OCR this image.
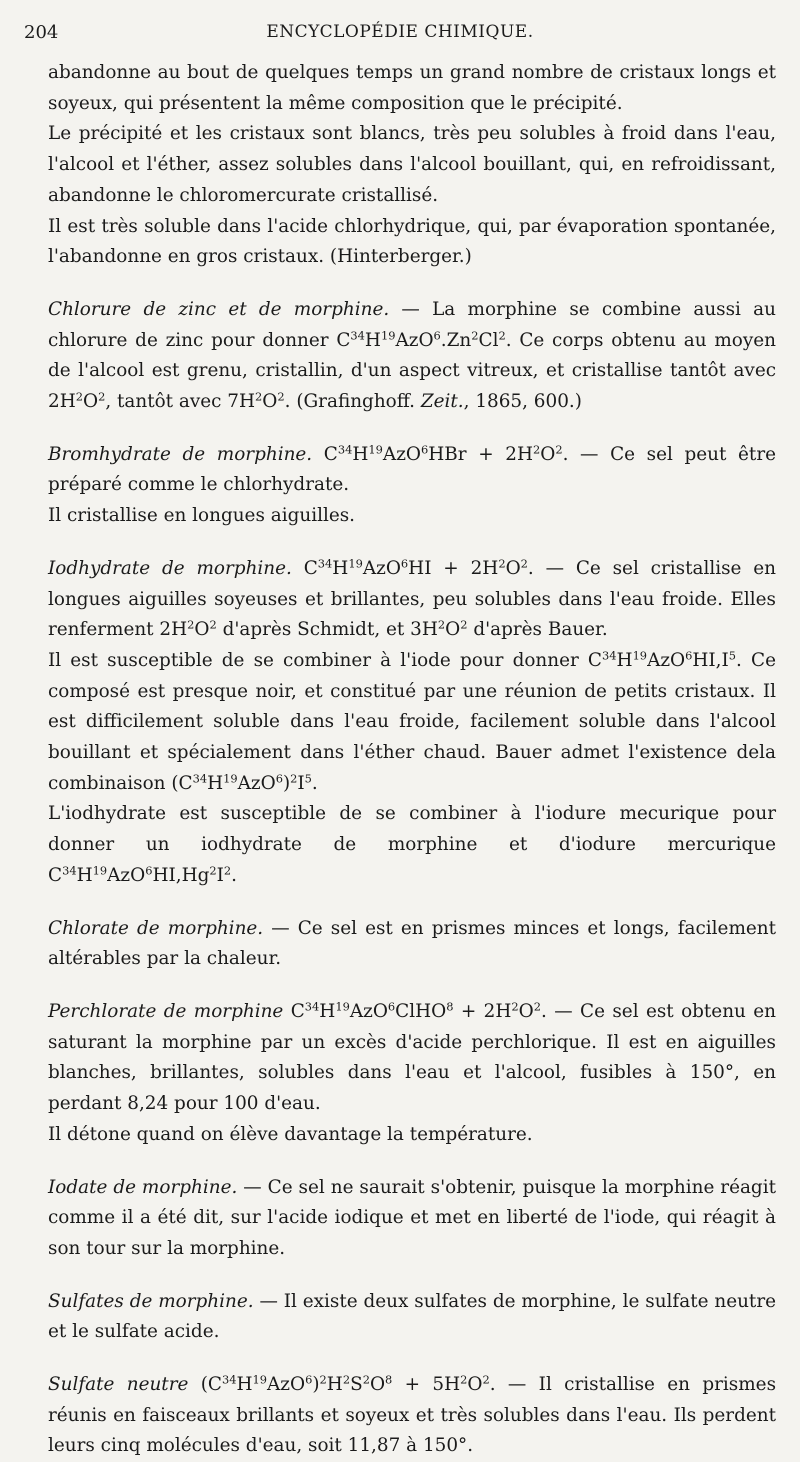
204	ENCYCLOPÉDIE CHIMIQUE.

abandonne au bout de quelques temps un grand nombre de cristaux longs et soyeux, qui présentent la même composition que le précipité.

Le précipité et les cristaux sont blancs, très peu solubles à froid dans l'eau, l'alcool et l'éther, assez solubles dans l'alcool bouillant, qui, en refroidissant, abandonne le chloromercurate cristallisé.

Il est très soluble dans l'acide chlorhydrique, qui, par évaporation spontanée, l'abandonne en gros cristaux. (Hinterberger.)

Chlorure de zinc et de morphine. — La morphine se combine aussi au chlorure de zinc pour donner $C^{34}H^{19}AzO^6.Zn^2Cl^2$. Ce corps obtenu au moyen de l'alcool est grenu, cristallin, d'un aspect vitreux, et cristallise tantôt avec $2H^2O^2$, tantôt avec $7H^2O^2$. (Grafinghoff. Zeit., 1865, 600.)

Bromhydrate de morphine. $C^{34}H^{19}AzO^6HBr + 2H^2O^2$. — Ce sel peut être préparé comme le chlorhydrate.

Il cristallise en longues aiguilles.

Iodhydrate de morphine. $C^{34}H^{19}AzO^6HI + 2H^2O^2$. — Ce sel cristallise en longues aiguilles soyeuses et brillantes, peu solubles dans l'eau froide. Elles renferment $2H^2O^2$ d'après Schmidt, et $3H^2O^2$ d'après Bauer.

Il est susceptible de se combiner à l'iode pour donner $C^{34}H^{19}AzO^6HI,I^5$. Ce composé est presque noir, et constitué par une réunion de petits cristaux. Il est difficilement soluble dans l'eau froide, facilement soluble dans l'alcool bouillant et spécialement dans l'éther chaud. Bauer admet l'existence dela combinaison $(C^{34}H^{19}AzO^6)^2I^5$.

L'iodhydrate est susceptible de se combiner à l'iodure mecurique pour donner un iodhydrate de morphine et d'iodure mercurique $C^{34}H^{19}AzO^6HI,Hg^2I^2$.

Chlorate de morphine. — Ce sel est en prismes minces et longs, facilement altérables par la chaleur.

Perchlorate de morphine $C^{34}H^{19}AzO^6ClHO^8 + 2H^2O^2$. — Ce sel est obtenu en saturant la morphine par un excès d'acide perchlorique. Il est en aiguilles blanches, brillantes, solubles dans l'eau et l'alcool, fusibles à 150°, en perdant 8,24 pour 100 d'eau.

Il détone quand on élève davantage la température.

Iodate de morphine. — Ce sel ne saurait s'obtenir, puisque la morphine réagit comme il a été dit, sur l'acide iodique et met en liberté de l'iode, qui réagit à son tour sur la morphine.

Sulfates de morphine. — Il existe deux sulfates de morphine, le sulfate neutre et le sulfate acide.

Sulfate neutre $(C^{34}H^{19}AzO^6)^2H^2S^2O^8 + 5H^2O^2$. — Il cristallise en prismes réunis en faisceaux brillants et soyeux et très solubles dans l'eau. Ils perdent leurs cinq molécules d'eau, soit 11,87 à 150°.
